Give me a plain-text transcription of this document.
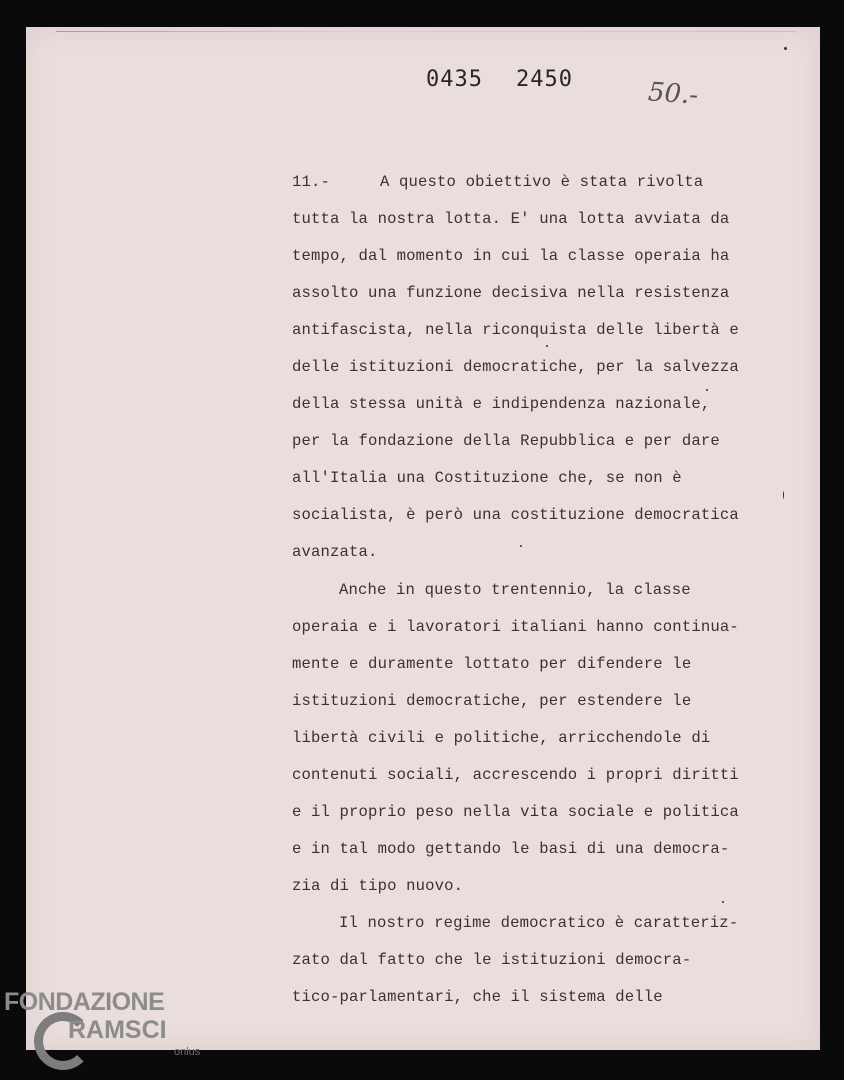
0435 2450	50.-
11.-	A questo obiettivo è stata rivolta
tutta la nostra lotta. E' una lotta avviata da
tempo, dal momento in cui la classe operaia ha
assolto una funzione decisiva nella resistenza
antifascista, nella riconquista delle libertà e
delle istituzioni democratiche, per la salvezza
della stessa unità e indipendenza nazionale,
per la fondazione della Repubblica e per dare
all'Italia una Costituzione che, se non è
socialista, è però una costituzione democratica
avanzata.
Anche in questo trentennio, la classe
operaia e i lavoratori italiani hanno continua-
mente e duramente lottato per difendere le
istituzioni democratiche, per estendere le
libertà civili e politiche, arricchendole di
contenuti sociali, accrescendo i propri diritti
e il proprio peso nella vita sociale e politica
e in tal modo gettando le basi di una democra-
zia di tipo nuovo.
Il nostro regime democratico è caratteriz-
zato dal fatto che le istituzioni democra-
tico-parlamentari, che il sistema delle
FONDAZIONE
RAMSCI
onlus
